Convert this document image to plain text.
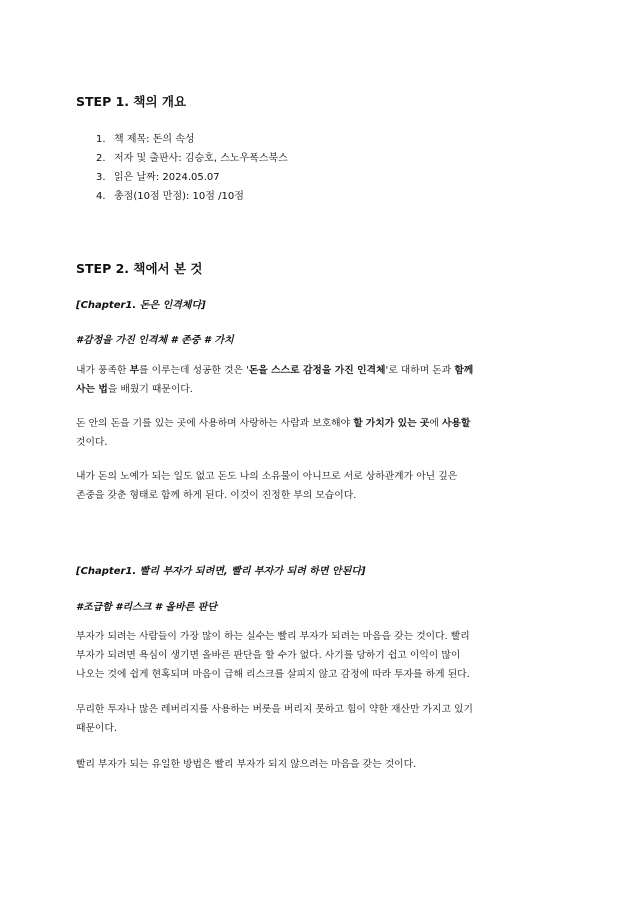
STEP 1. 책의 개요
1. 책 제목: 돈의 속성
2. 저자 및 출판사: 김승호, 스노우폭스북스
3. 읽은 날짜: 2024.05.07
4. 총점(10점 만점): 10점 /10점
STEP 2. 책에서 본 것

[Chapter1. 돈은 인격체다]

#감정을 가진 인격체 # 존중 # 가치

내가 풍족한 부를 이루는데 성공한 것은 '돈을 스스로 감정을 가진 인격체'로 대하며 돈과 함께
사는 법을 배웠기 때문이다.

돈 안의 돈을 기를 있는 곳에 사용하며 사랑하는 사람과 보호해야 할 가치가 있는 곳에 사용할
것이다.

내가 돈의 노예가 되는 일도 없고 돈도 나의 소유물이 아니므로 서로 상하관계가 아닌 깊은
존중을 갖춘 형태로 함께 하게 된다. 이것이 진정한 부의 모습이다.

[Chapter1. 빨리 부자가 되려면, 빨리 부자가 되려 하면 안된다]

#조급함 #리스크 # 올바른 판단

부자가 되려는 사람들이 가장 많이 하는 실수는 빨리 부자가 되려는 마음을 갖는 것이다. 빨리
부자가 되려면 욕심이 생기면 올바른 판단을 할 수가 없다. 사기를 당하기 쉽고 이익이 많이
나오는 것에 쉽게 현혹되며 마음이 급해 리스크를 살피지 않고 감정에 따라 투자를 하게 된다.

무리한 투자나 많은 레버리지를 사용하는 버릇을 버리지 못하고 힘이 약한 재산만 가지고 있기
때문이다.

빨리 부자가 되는 유일한 방법은 빨리 부자가 되지 않으려는 마음을 갖는 것이다.
